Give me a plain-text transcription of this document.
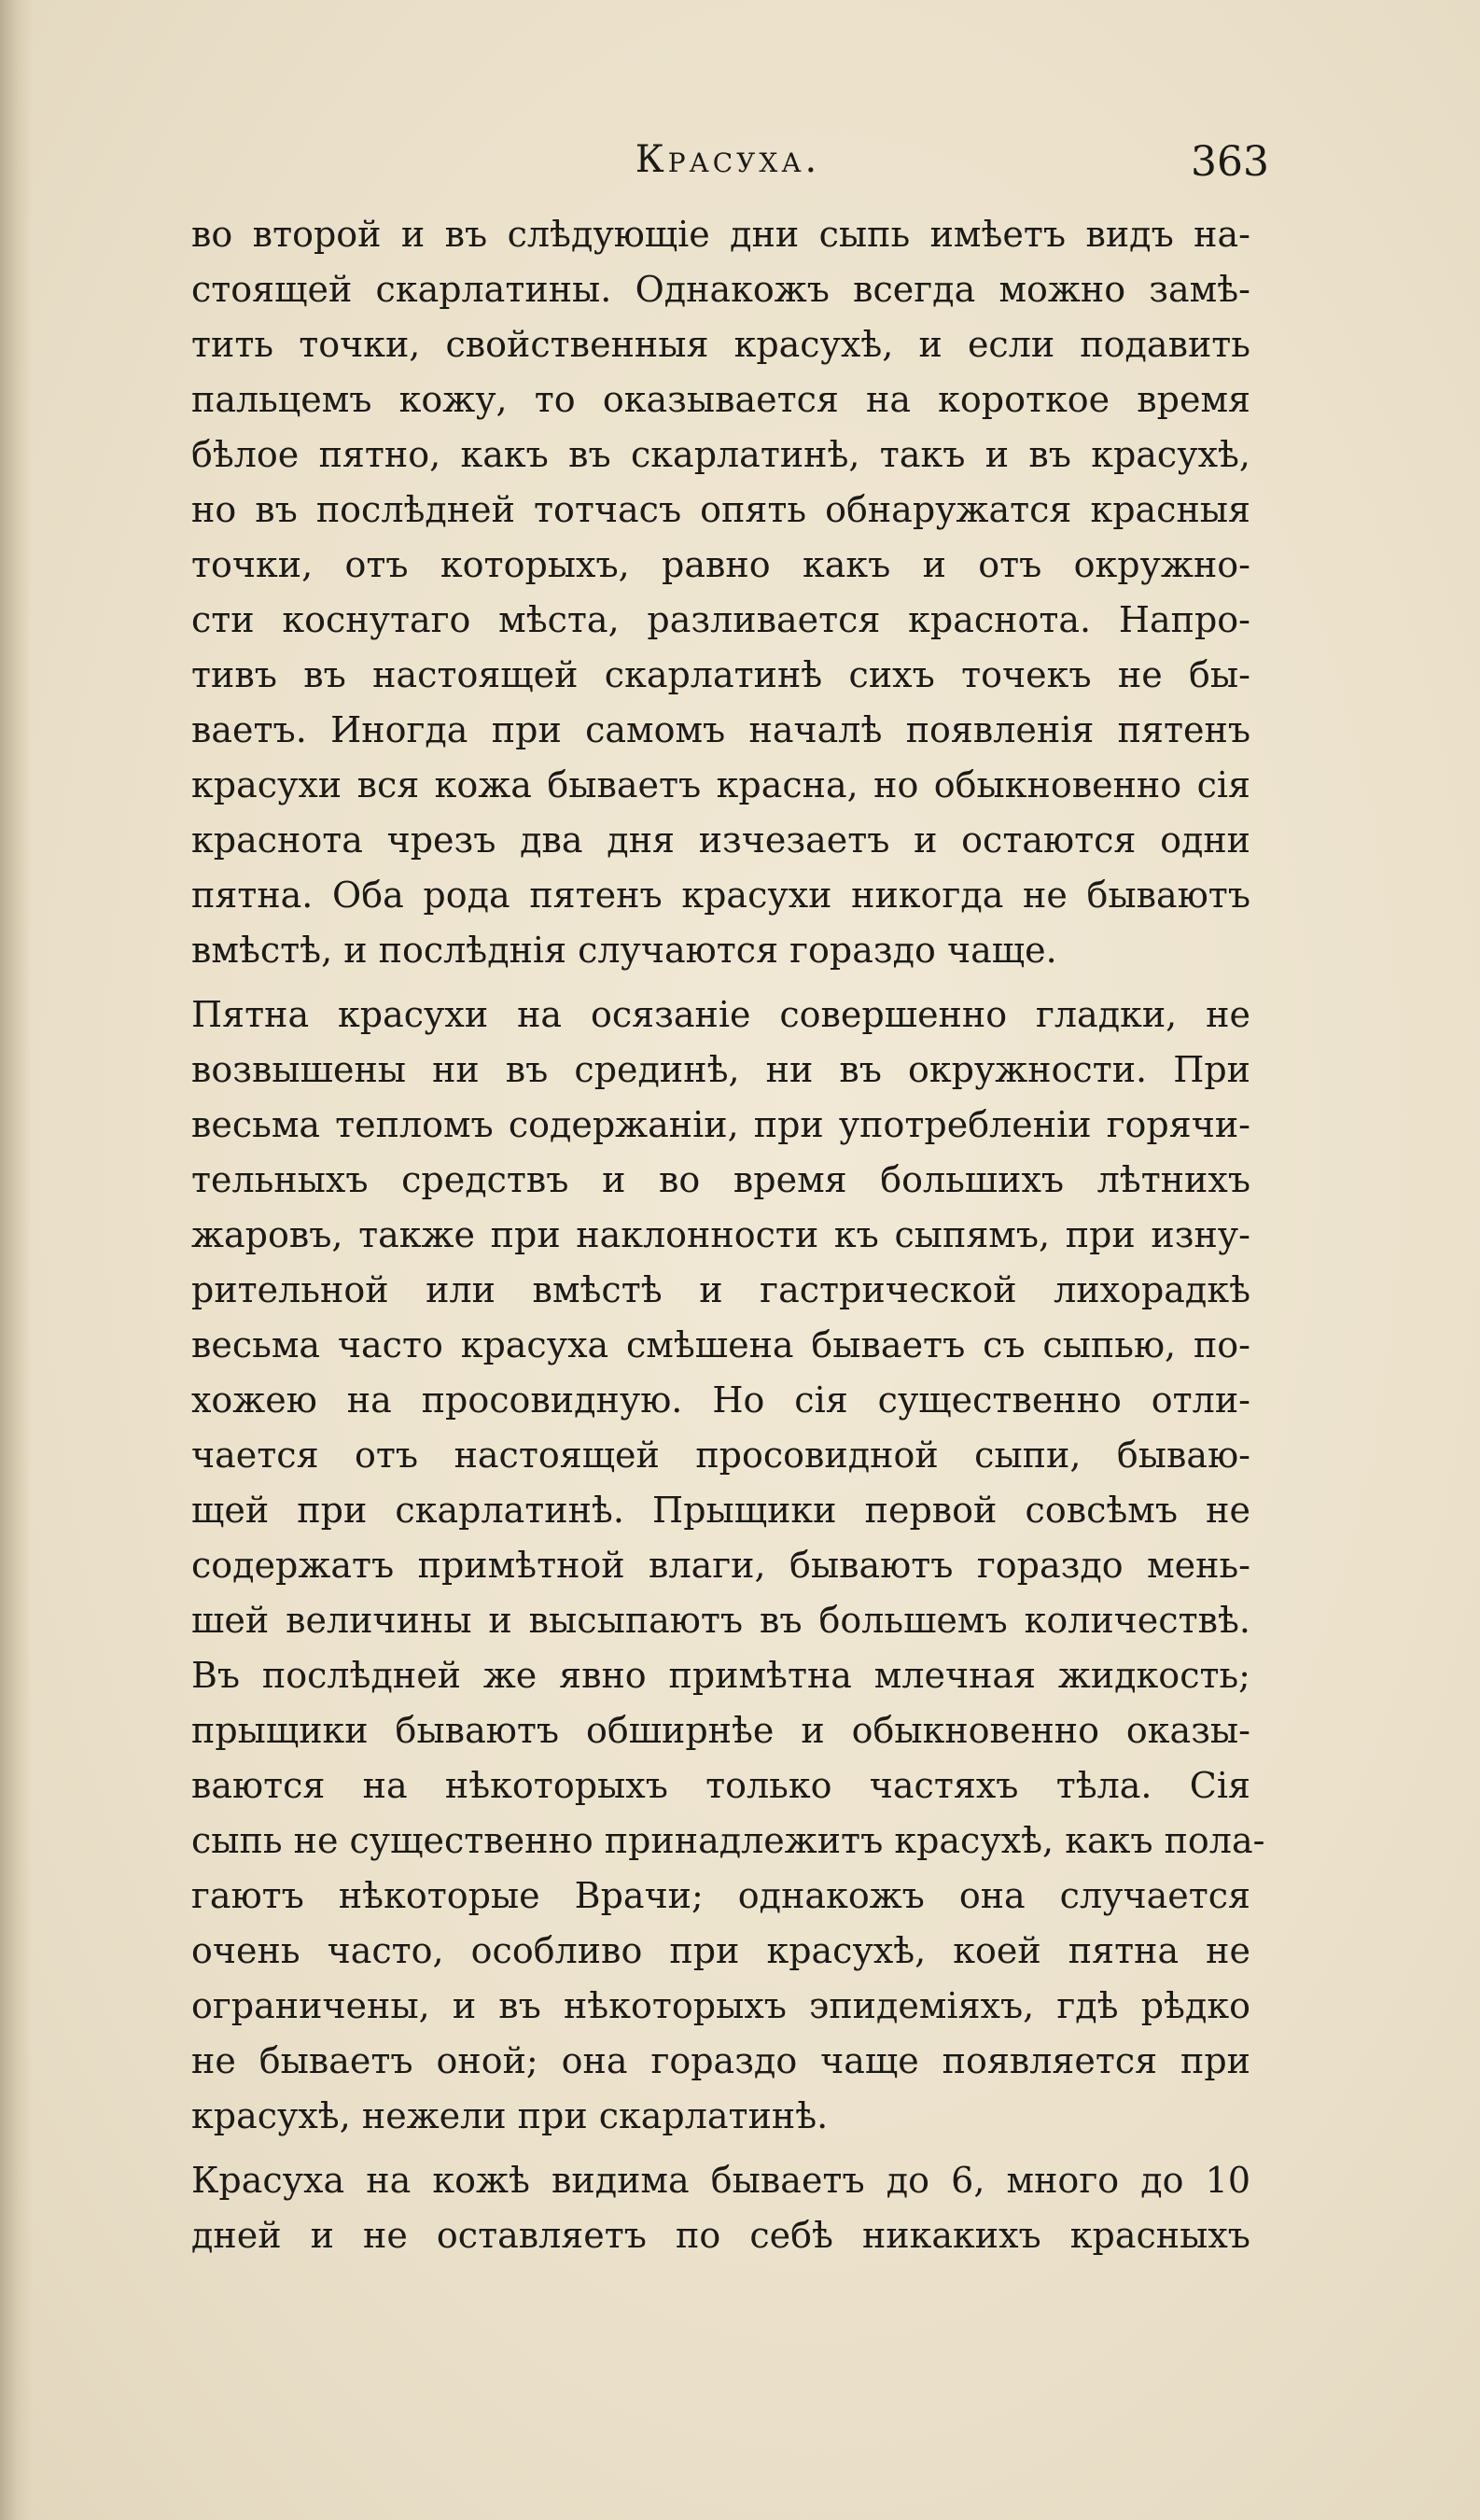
Красуха.	363
во второй и въ слѣдующіе дни сыпь имѣетъ видъ на-
стоящей скарлатины. Однакожъ всегда можно замѣ-
тить точки, свойственныя красухѣ, и если подавить
пальцемъ кожу, то оказывается на короткое время
бѣлое пятно, какъ въ скарлатинѣ, такъ и въ красухѣ,
но въ послѣдней тотчасъ опять обнаружатся красныя
точки, отъ которыхъ, равно какъ и отъ окружно-
сти коснутаго мѣста, разливается краснота. Напро-
тивъ въ настоящей скарлатинѣ сихъ точекъ не бы-
ваетъ. Иногда при самомъ началѣ появленія пятенъ
красухи вся кожа бываетъ красна, но обыкновенно сія
краснота чрезъ два дня изчезаетъ и остаются одни
пятна. Оба рода пятенъ красухи никогда не бываютъ
вмѣстѣ, и послѣднія случаются гораздо чаще.
Пятна красухи на осязаніе совершенно гладки, не
возвышены ни въ срединѣ, ни въ окружности. При
весьма тепломъ содержаніи, при употребленіи горячи-
тельныхъ средствъ и во время большихъ лѣтнихъ
жаровъ, также при наклонности къ сыпямъ, при изну-
рительной или вмѣстѣ и гастрической лихорадкѣ
весьма часто красуха смѣшена бываетъ съ сыпью, по-
хожею на просовидную. Но сія существенно отли-
чается отъ настоящей просовидной сыпи, бываю-
щей при скарлатинѣ. Прыщики первой совсѣмъ не
содержатъ примѣтной влаги, бываютъ гораздо мень-
шей величины и высыпаютъ въ большемъ количествѣ.
Въ послѣдней же явно примѣтна млечная жидкость;
прыщики бываютъ обширнѣе и обыкновенно оказы-
ваются на нѣкоторыхъ только частяхъ тѣла. Сія
сыпь не существенно принадлежитъ красухѣ, какъ пола-
гаютъ нѣкоторые Врачи; однакожъ она случается
очень часто, особливо при красухѣ, коей пятна не
ограничены, и въ нѣкоторыхъ эпидеміяхъ, гдѣ рѣдко
не бываетъ оной; она гораздо чаще появляется при
красухѣ, нежели при скарлатинѣ.
Красуха на кожѣ видима бываетъ до 6, много до 10
дней и не оставляетъ по себѣ никакихъ красныхъ
